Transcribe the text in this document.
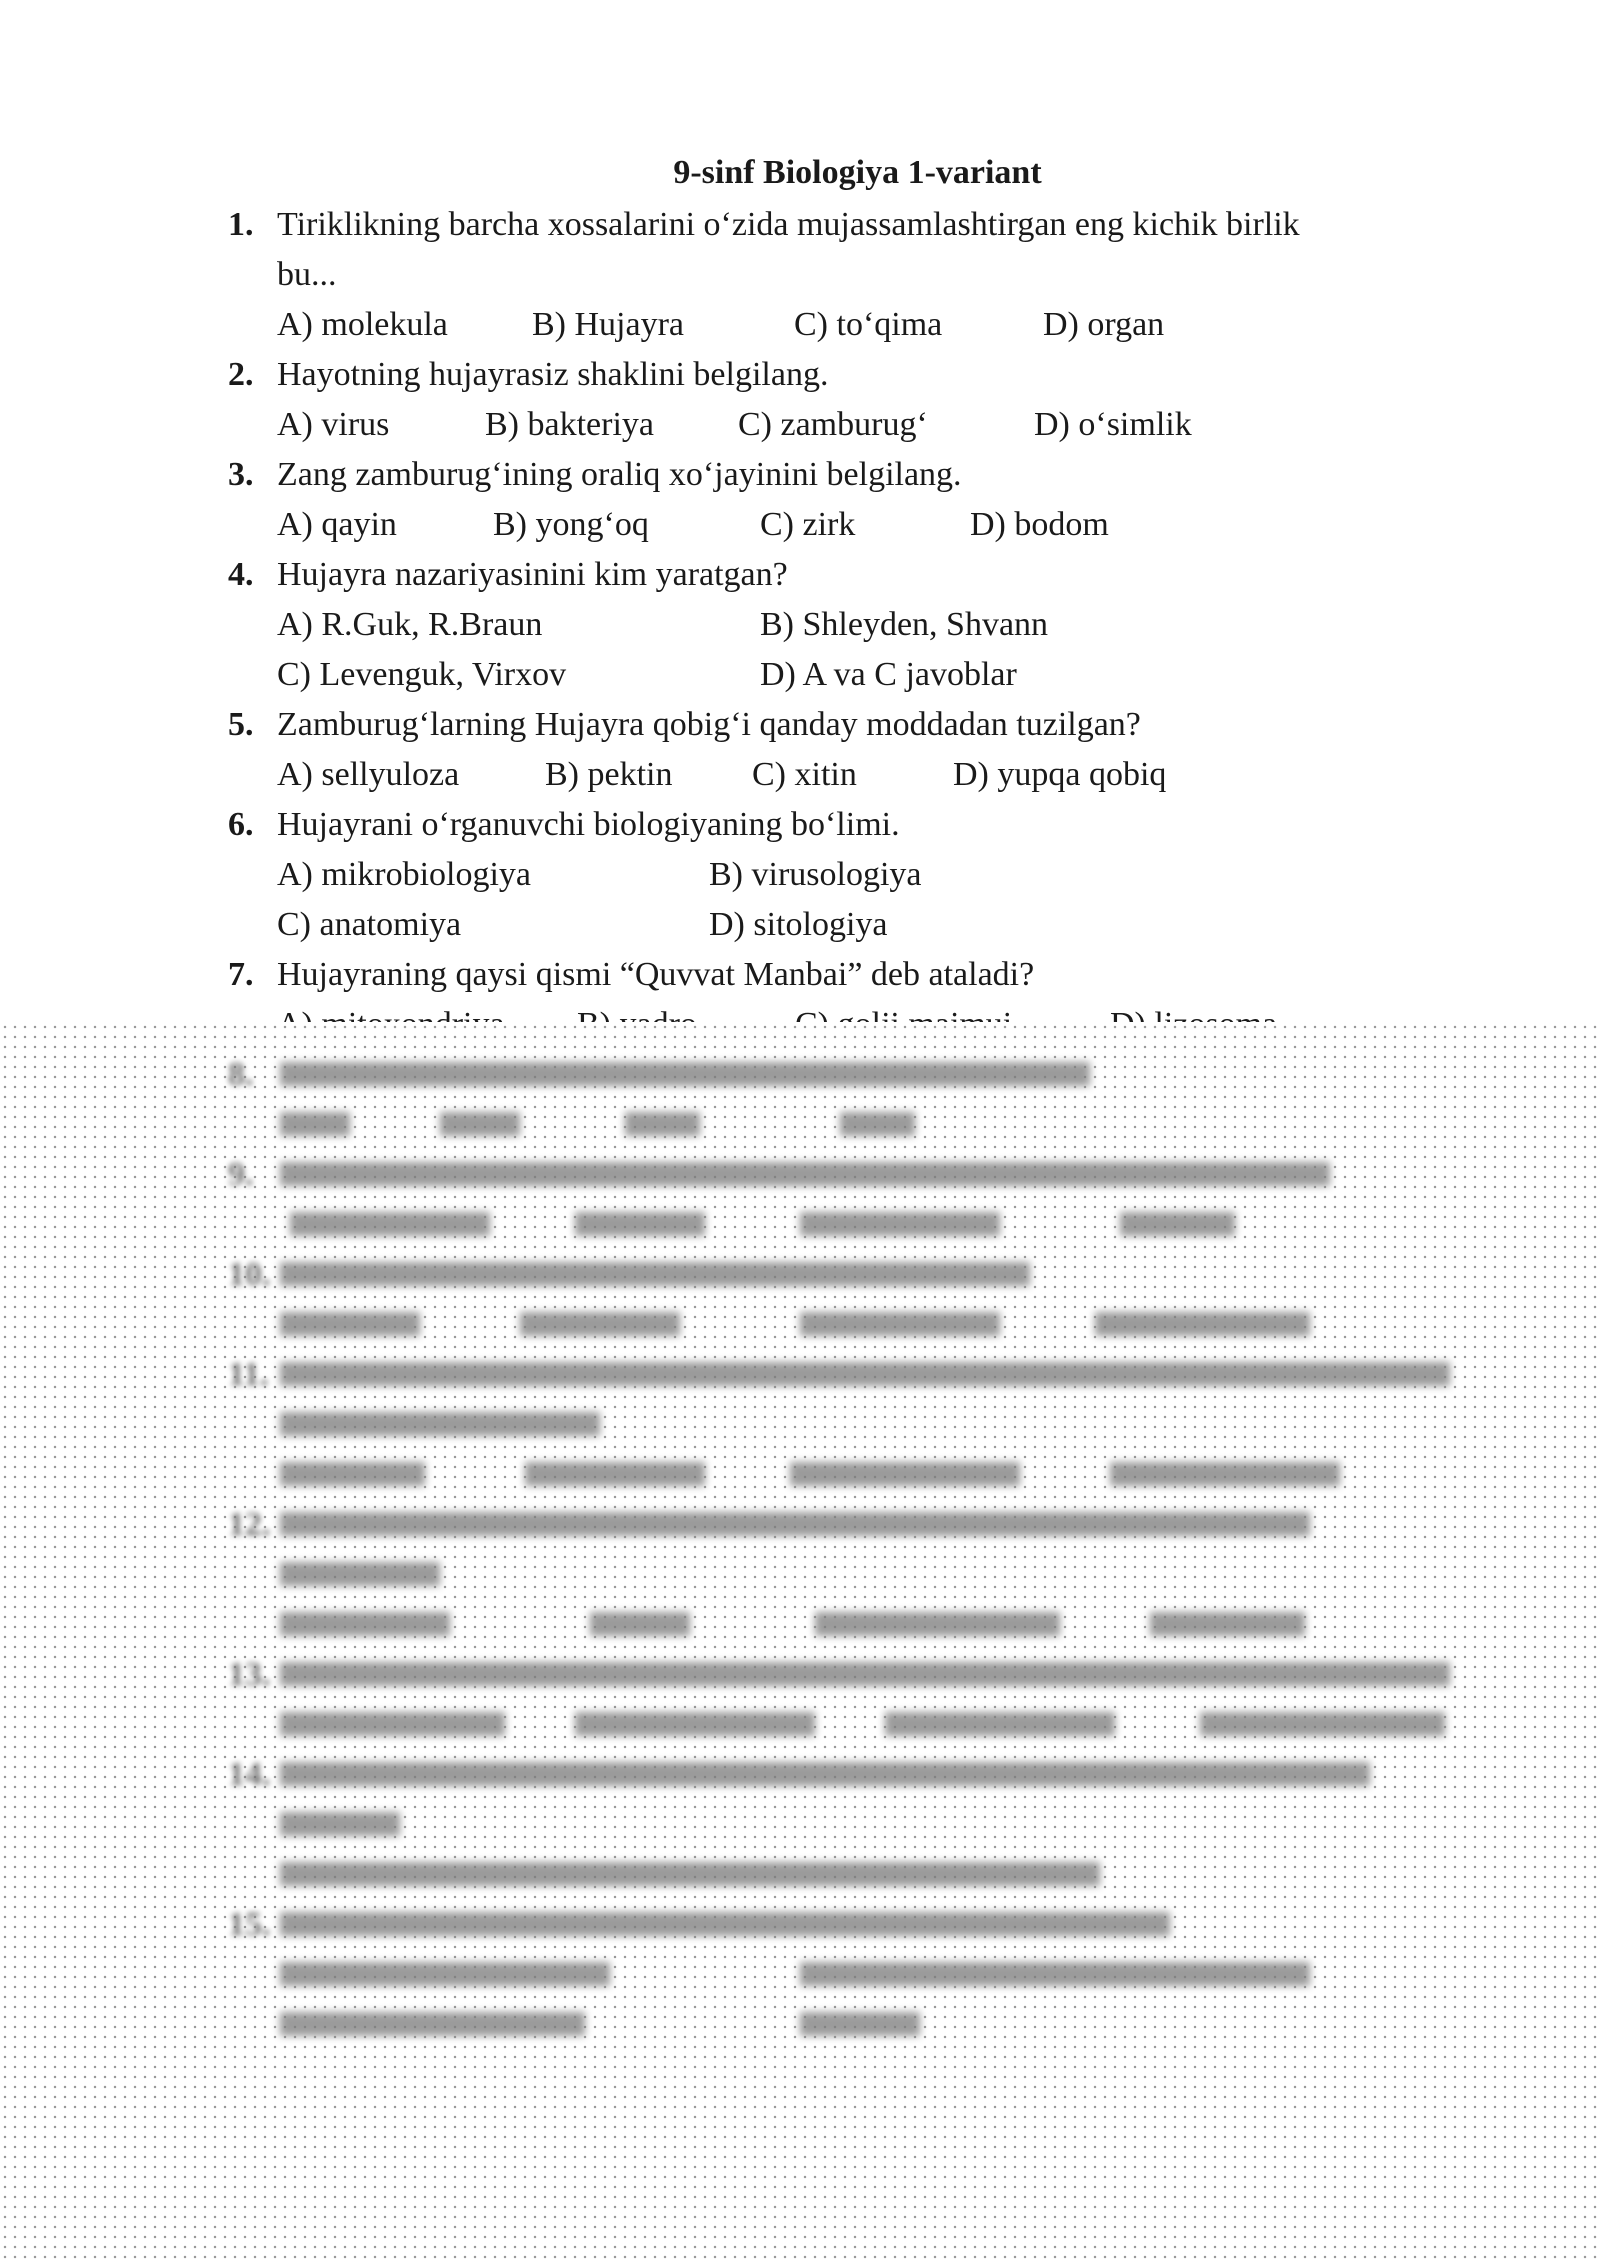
9-sinf Biologiya 1-variant
1. Tiriklikning barcha xossalarini o‘zida mujassamlashtirgan eng kichik birlik
bu...
A) molekula B) Hujayra	C) to‘qima	D) organ
2. Hayotning hujayrasiz shaklini belgilang.
A) virus	B) bakteriya C) zamburug‘	D) o‘simlik
3. Zang zamburug‘ining oraliq xo‘jayinini belgilang.
A) qayin	B) yong‘oq	C) zirk	D) bodom
4. Hujayra nazariyasinini kim yaratgan?
A) R.Guk, R.Braun	B) Shleyden, Shvann
C) Levenguk, Virxov	D) A va C javoblar
5. Zamburug‘larning Hujayra qobig‘i qanday moddadan tuzilgan?
A) sellyuloza	B) pektin C) xitin	D) yupqa qobiq
6. Hujayrani o‘rganuvchi biologiyaning bo‘limi.
A) mikrobiologiya	B) virusologiya
C) anatomiya	D) sitologiya
7. Hujayraning qaysi qismi “Quvvat Manbai” deb ataladi?
8.
9.
10.
11.
12.
13.
14.
15.
